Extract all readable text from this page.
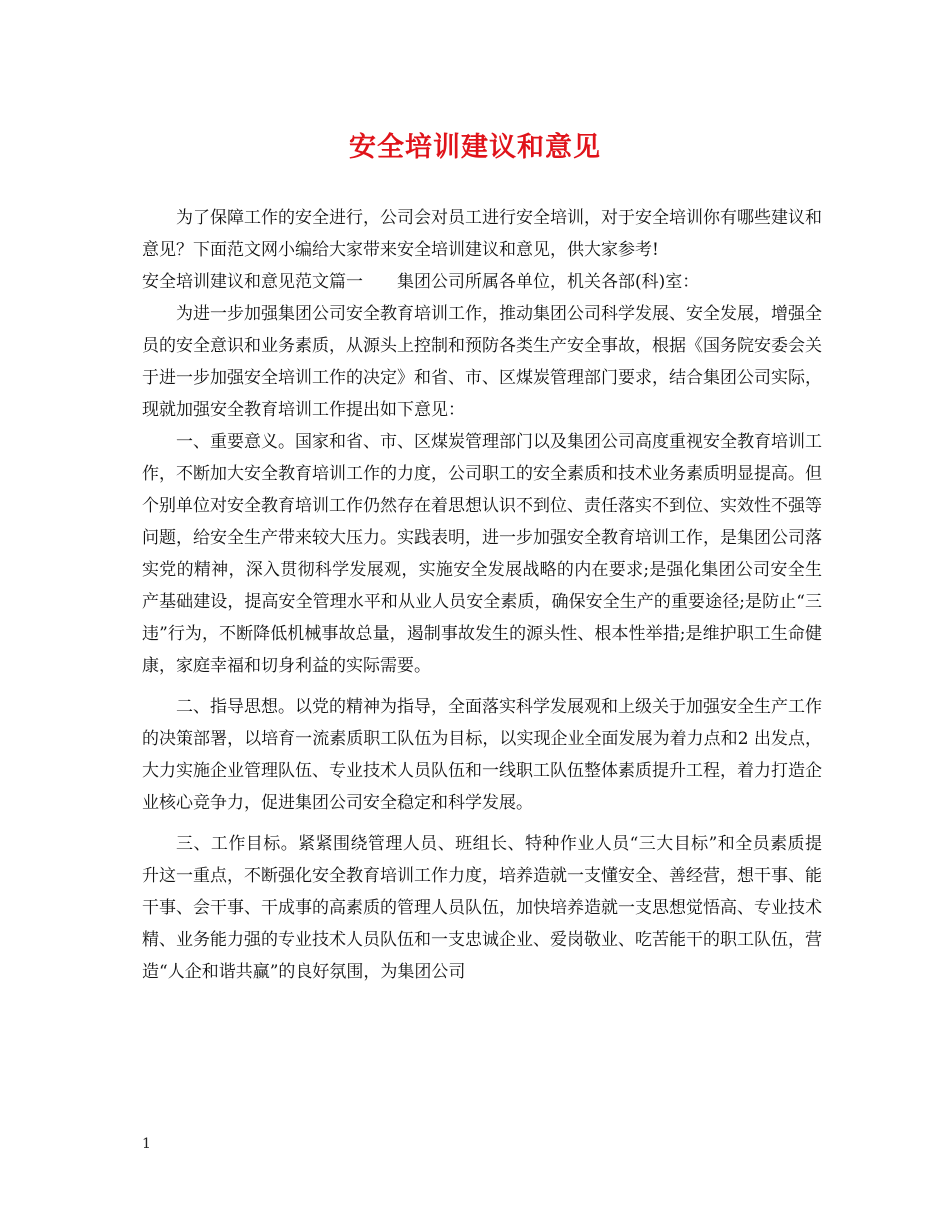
安全培训建议和意见

为了保障工作的安全进行，公司会对员工进行安全培训，对于安全培训你有哪些建议和意见？下面范文网小编给大家带来安全培训建议和意见，供大家参考!

安全培训建议和意见范文篇一　　集团公司所属各单位，机关各部(科)室：

为进一步加强集团公司安全教育培训工作，推动集团公司科学发展、安全发展，增强全员的安全意识和业务素质，从源头上控制和预防各类生产安全事故，根据《国务院安委会关于进一步加强安全培训工作的决定》和省、市、区煤炭管理部门要求，结合集团公司实际，现就加强安全教育培训工作提出如下意见：

一、重要意义。国家和省、市、区煤炭管理部门以及集团公司高度重视安全教育培训工作，不断加大安全教育培训工作的力度，公司职工的安全素质和技术业务素质明显提高。但个别单位对安全教育培训工作仍然存在着思想认识不到位、责任落实不到位、实效性不强等问题，给安全生产带来较大压力。实践表明，进一步加强安全教育培训工作，是集团公司落实党的精神，深入贯彻科学发展观，实施安全发展战略的内在要求;是强化集团公司安全生产基础建设，提高安全管理水平和从业人员安全素质，确保安全生产的重要途径;是防止“三违”行为，不断降低机械事故总量，遏制事故发生的源头性、根本性举措;是维护职工生命健康，家庭幸福和切身利益的实际需要。

二、指导思想。以党的精神为指导，全面落实科学发展观和上级关于加强安全生产工作的决策部署，以培育一流素质职工队伍为目标，以实现企业全面发展为着力点和2 出发点，大力实施企业管理队伍、专业技术人员队伍和一线职工队伍整体素质提升工程，着力打造企业核心竞争力，促进集团公司安全稳定和科学发展。

三、工作目标。紧紧围绕管理人员、班组长、特种作业人员“三大目标”和全员素质提升这一重点，不断强化安全教育培训工作力度，培养造就一支懂安全、善经营，想干事、能干事、会干事、干成事的高素质的管理人员队伍，加快培养造就一支思想觉悟高、专业技术精、业务能力强的专业技术人员队伍和一支忠诚企业、爱岗敬业、吃苦能干的职工队伍，营造“人企和谐共赢”的良好氛围，为集团公司

1
